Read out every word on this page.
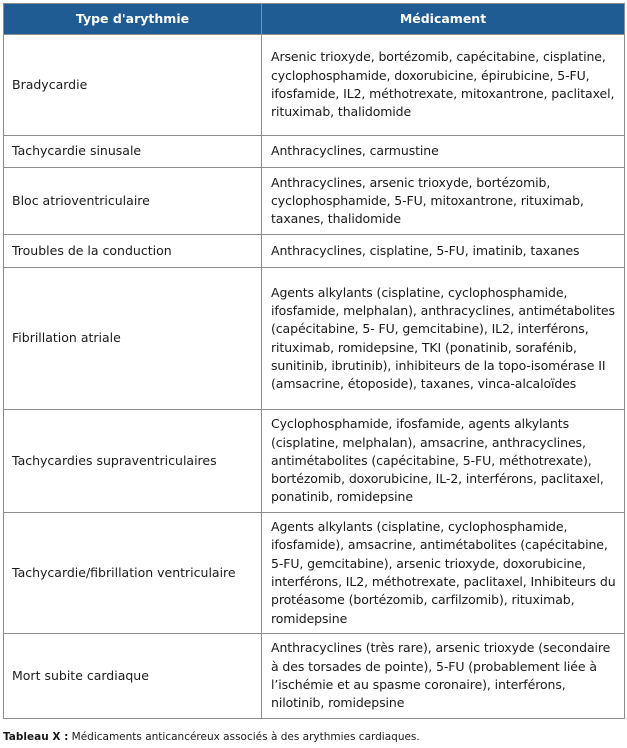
Type d'arythmie	Médicament
Bradycardie	Arsenic trioxyde, bortézomib, capécitabine, cisplatine, cyclophosphamide, doxorubicine, épirubicine, 5-FU, ifosfamide, IL2, méthotrexate, mitoxantrone, paclitaxel, rituximab, thalidomide
Tachycardie sinusale	Anthracyclines, carmustine
Bloc atrioventriculaire	Anthracyclines, arsenic trioxyde, bortézomib, cyclophosphamide, 5-FU, mitoxantrone, rituximab, taxanes, thalidomide
Troubles de la conduction	Anthracyclines, cisplatine, 5-FU, imatinib, taxanes
Fibrillation atriale	Agents alkylants (cisplatine, cyclophosphamide, ifosfamide, melphalan), anthracyclines, antimétabolites (capécitabine, 5- FU, gemcitabine), IL2, interférons, rituximab, romidepsine, TKI (ponatinib, sorafénib, sunitinib, ibrutinib), inhibiteurs de la topo-isomérase II (amsacrine, étoposide), taxanes, vinca-alcaloïdes
Tachycardies supraventriculaires	Cyclophosphamide, ifosfamide, agents alkylants (cisplatine, melphalan), amsacrine, anthracyclines, antimétabolites (capécitabine, 5-FU, méthotrexate), bortézomib, doxorubicine, IL-2, interférons, paclitaxel, ponatinib, romidepsine
Tachycardie/fibrillation ventriculaire	Agents alkylants (cisplatine, cyclophosphamide, ifosfamide), amsacrine, antimétabolites (capécitabine, 5-FU, gemcitabine), arsenic trioxyde, doxorubicine, interférons, IL2, méthotrexate, paclitaxel, Inhibiteurs du protéasome (bortézomib, carfilzomib), rituximab, romidepsine
Mort subite cardiaque	Anthracyclines (très rare), arsenic trioxyde (secondaire à des torsades de pointe), 5-FU (probablement liée à l’ischémie et au spasme coronaire), interférons, nilotinib, romidepsine
Tableau X : Médicaments anticancéreux associés à des arythmies cardiaques.
